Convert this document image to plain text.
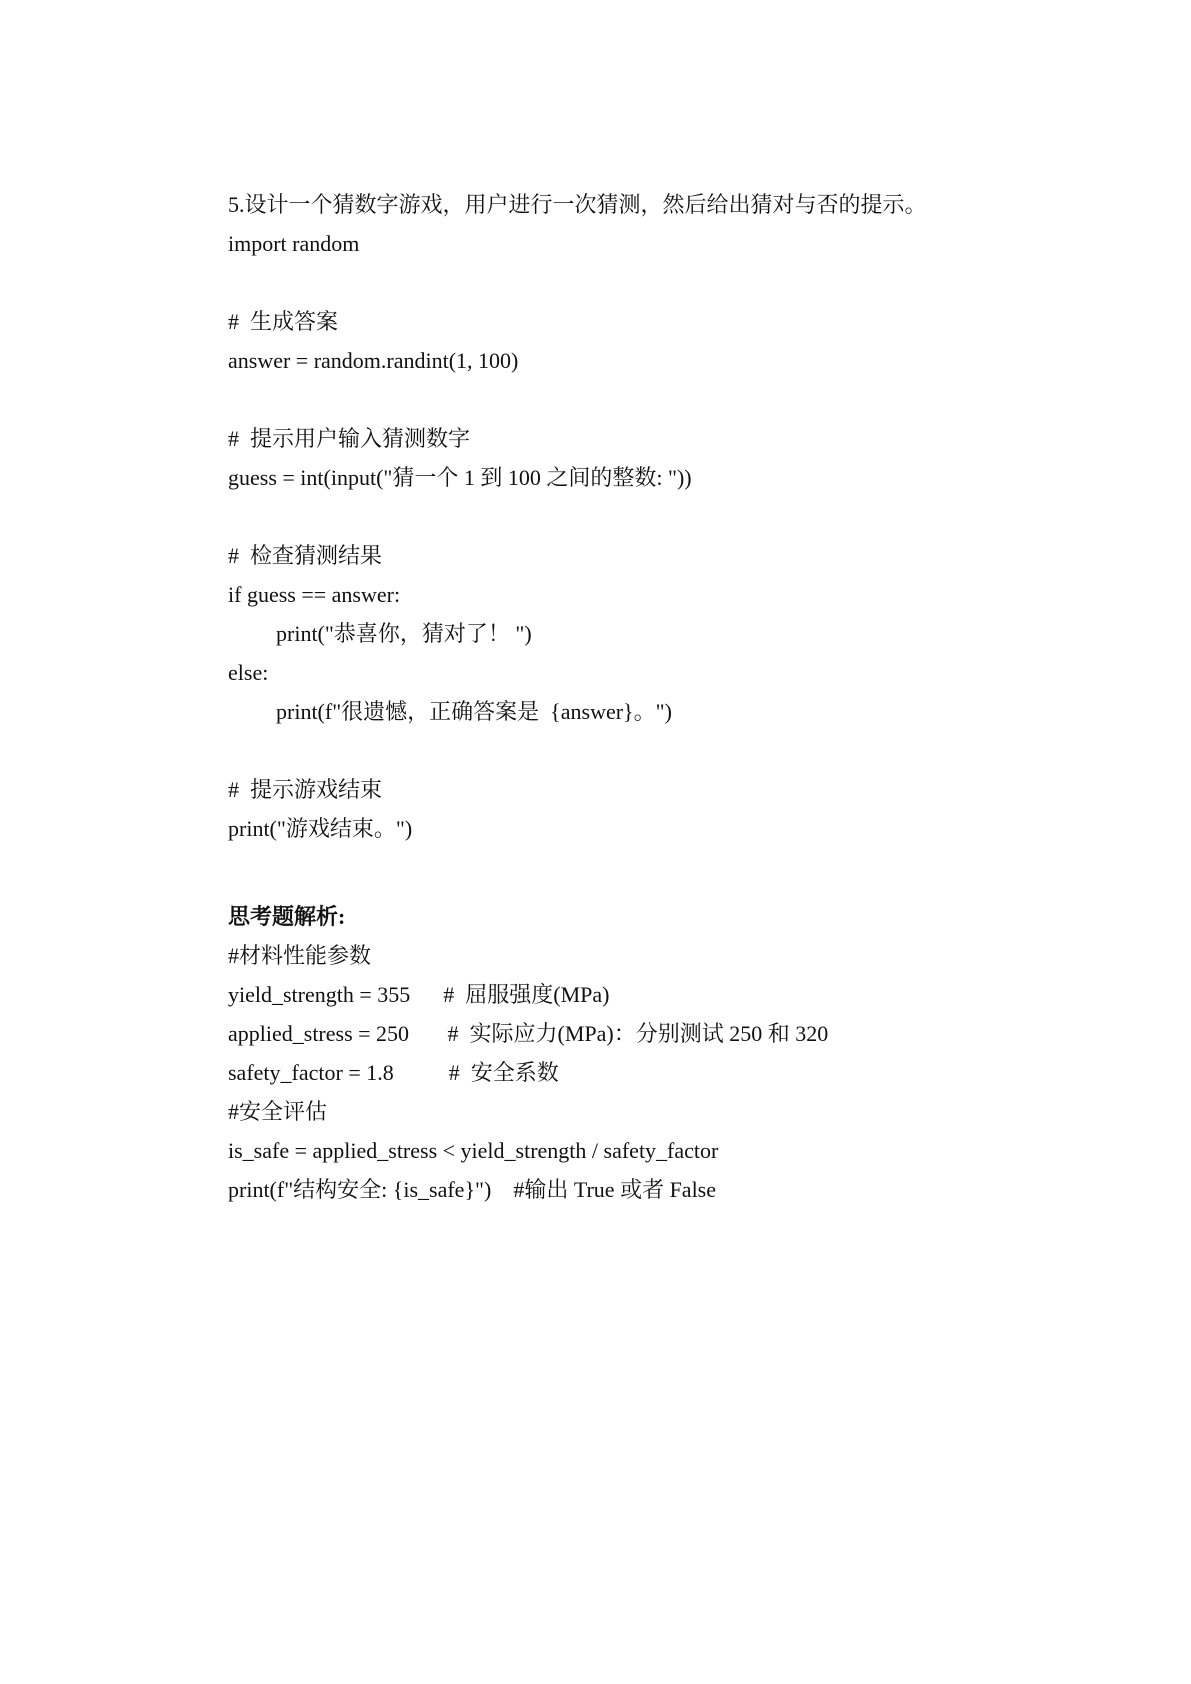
5.设计一个猜数字游戏，用户进行一次猜测，然后给出猜对与否的提示。
import random
#  生成答案
answer = random.randint(1, 100)
#  提示用户输入猜测数字
guess = int(input("猜一个 1 到 100 之间的整数: "))
#  检查猜测结果
if guess == answer:
print("恭喜你，猜对了！ ")
else:
print(f"很遗憾，正确答案是  {answer}。")
#  提示游戏结束
print("游戏结束。")
思考题解析:
#材料性能参数
yield_strength = 355      #  屈服强度(MPa)
applied_stress = 250       #  实际应力(MPa)：分别测试 250 和 320
safety_factor = 1.8          #  安全系数
#安全评估
is_safe = applied_stress < yield_strength / safety_factor
print(f"结构安全: {is_safe}")    #输出 True 或者 False
